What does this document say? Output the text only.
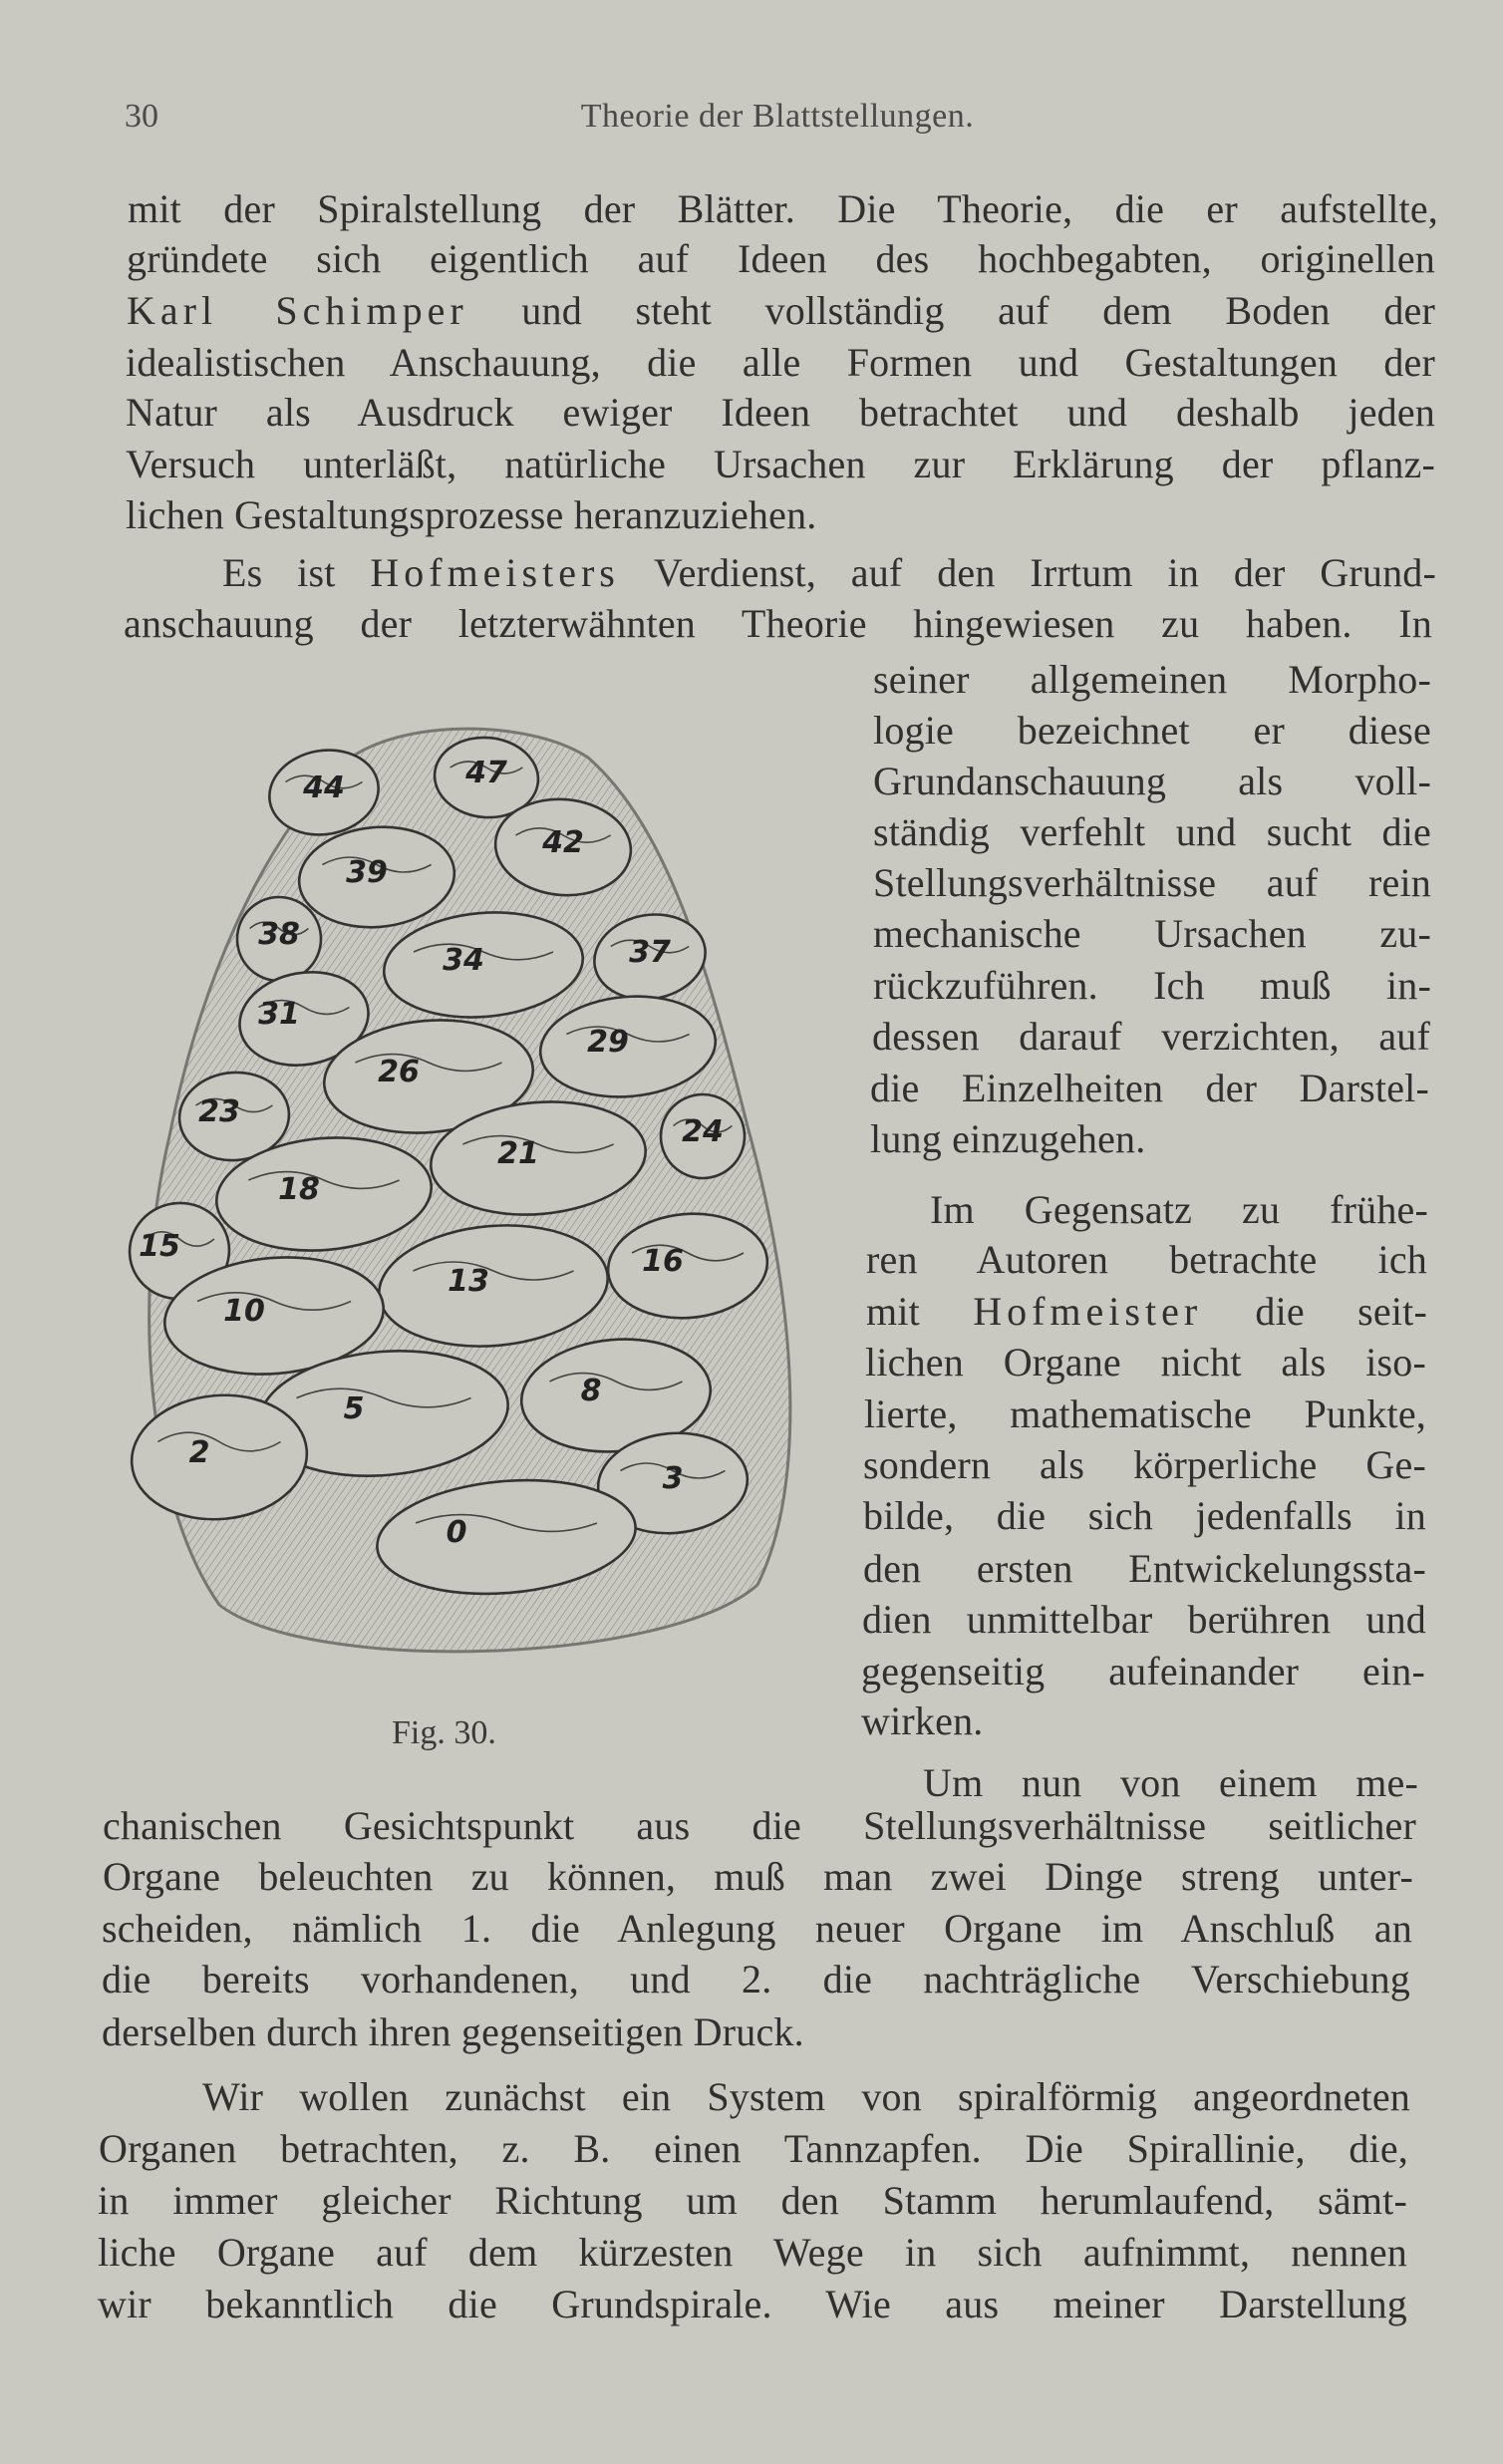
30	Theorie der Blattstellungen.
mit der Spiralstellung der Blätter. Die Theorie, die er aufstellte,
gründete sich eigentlich auf Ideen des hochbegabten, originellen
Karl Schimper und steht vollständig auf dem Boden der
idealistischen Anschauung, die alle Formen und Gestaltungen der
Natur als Ausdruck ewiger Ideen betrachtet und deshalb jeden
Versuch unterläßt, natürliche Ursachen zur Erklärung der pflanz-
lichen Gestaltungsprozesse heranzuziehen.
Es ist Hofmeisters Verdienst, auf den Irrtum in der Grund-
anschauung der letzterwähnten Theorie hingewiesen zu haben. In
seiner allgemeinen Morpho-
logie bezeichnet er diese
Grundanschauung als voll-
ständig verfehlt und sucht die
Stellungsverhältnisse auf rein
mechanische Ursachen zu-
rückzuführen. Ich muß in-
dessen darauf verzichten, auf
die Einzelheiten der Darstel-
lung einzugehen.
Im Gegensatz zu frühe-
ren Autoren betrachte ich
mit Hofmeister die seit-
lichen Organe nicht als iso-
lierte, mathematische Punkte,
sondern als körperliche Ge-
bilde, die sich jedenfalls in
den ersten Entwickelungssta-
dien unmittelbar berühren und
gegenseitig aufeinander ein-
wirken.
Um nun von einem me-
chanischen Gesichtspunkt aus die Stellungsverhältnisse seitlicher
Organe beleuchten zu können, muß man zwei Dinge streng unter-
scheiden, nämlich 1. die Anlegung neuer Organe im Anschluß an
die bereits vorhandenen, und 2. die nachträgliche Verschiebung
derselben durch ihren gegenseitigen Druck.
Wir wollen zunächst ein System von spiralförmig angeordneten
Organen betrachten, z. B. einen Tannzapfen. Die Spirallinie, die,
in immer gleicher Richtung um den Stamm herumlaufend, sämt-
liche Organe auf dem kürzesten Wege in sich aufnimmt, nennen
wir bekanntlich die Grundspirale. Wie aus meiner Darstellung
44	47
42
39
38
37
34
31
29
26
23
24
21
18
15	16
13
10
8
5
2
3
0
Fig. 30.
